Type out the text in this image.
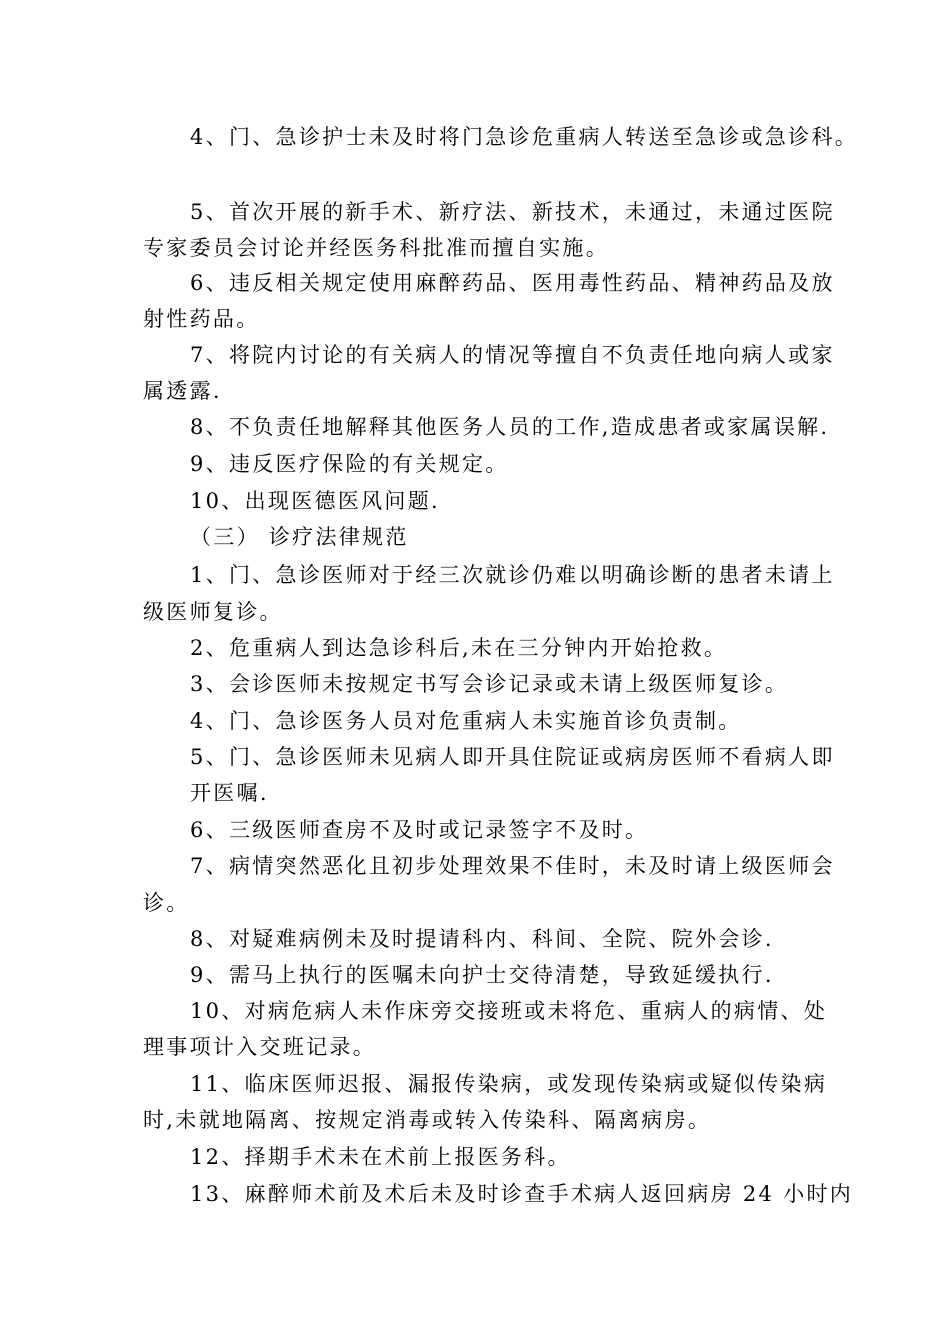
4、门、急诊护士未及时将门急诊危重病人转送至急诊或急诊科。

5、首次开展的新手术、新疗法、新技术，未通过，未通过医院

专家委员会讨论并经医务科批准而擅自实施。

6、违反相关规定使用麻醉药品、医用毒性药品、精神药品及放

射性药品。

7、将院内讨论的有关病人的情况等擅自不负责任地向病人或家

属透露.

8、不负责任地解释其他医务人员的工作,造成患者或家属误解.

9、违反医疗保险的有关规定。

10、出现医德医风问题.

（三） 诊疗法律规范

1、门、急诊医师对于经三次就诊仍难以明确诊断的患者未请上

级医师复诊。

2、危重病人到达急诊科后,未在三分钟内开始抢救。

3、会诊医师未按规定书写会诊记录或未请上级医师复诊。

4、门、急诊医务人员对危重病人未实施首诊负责制。

5、门、急诊医师未见病人即开具住院证或病房医师不看病人即

开医嘱.

6、三级医师查房不及时或记录签字不及时。

7、病情突然恶化且初步处理效果不佳时，未及时请上级医师会

诊。

8、对疑难病例未及时提请科内、科间、全院、院外会诊.

9、需马上执行的医嘱未向护士交待清楚，导致延缓执行.

10、对病危病人未作床旁交接班或未将危、重病人的病情、处

理事项计入交班记录。

11、临床医师迟报、漏报传染病，或发现传染病或疑似传染病

时,未就地隔离、按规定消毒或转入传染科、隔离病房。

12、择期手术未在术前上报医务科。

13、麻醉师术前及术后未及时诊查手术病人返回病房 24 小时内
